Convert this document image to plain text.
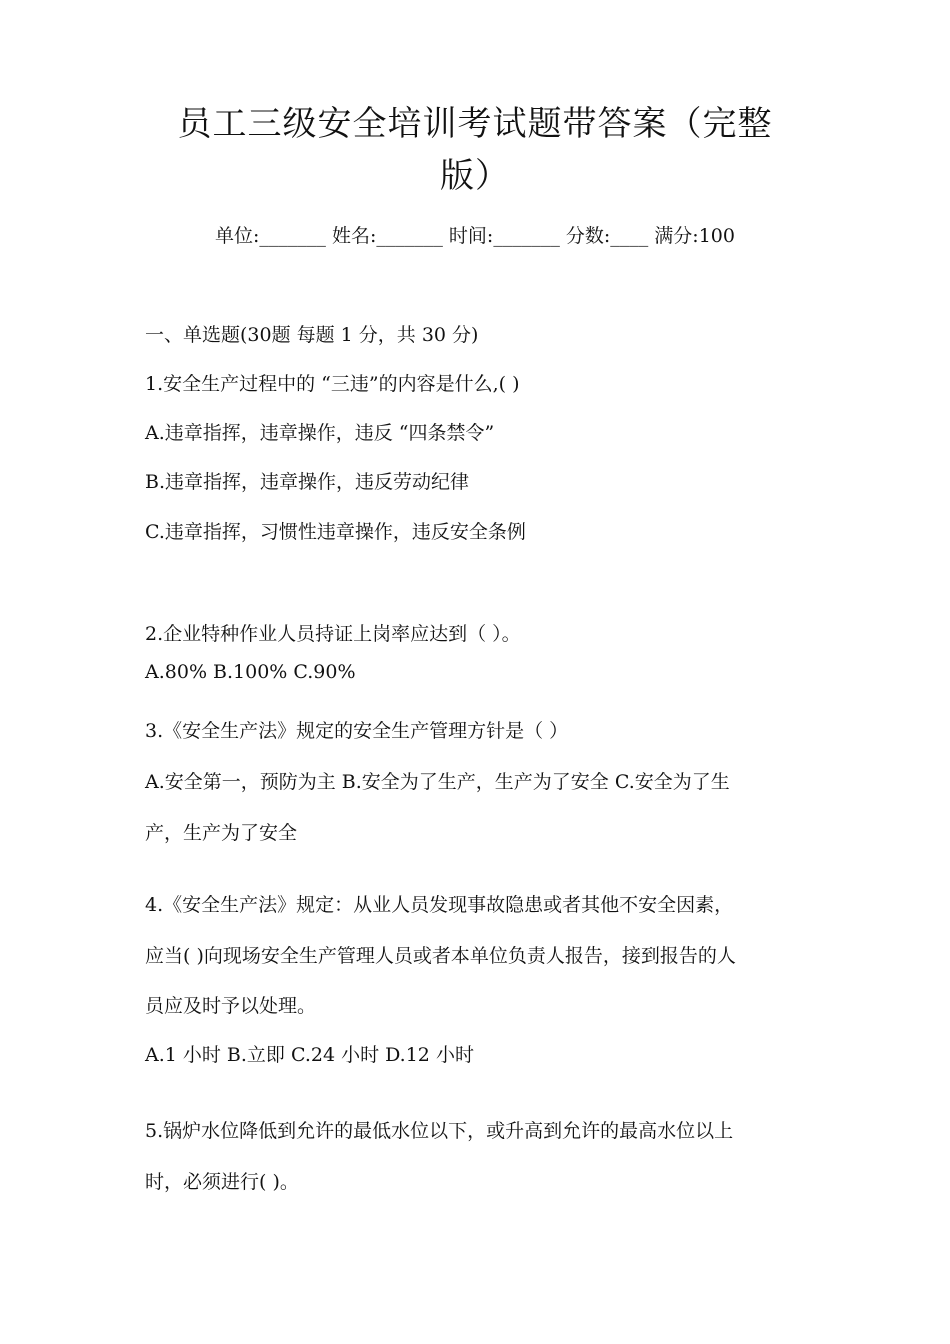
员工三级安全培训考试题带答案（完整
版）
单位:_______ 姓名:_______ 时间:_______ 分数:____ 满分:100
一、单选题(30题 每题 1 分，共 30 分)
1.安全生产过程中的 “三违”的内容是什么,( )
A.违章指挥，违章操作，违反 “四条禁令”
B.违章指挥，违章操作，违反劳动纪律
C.违章指挥，习惯性违章操作，违反安全条例
2.企业特种作业人员持证上岗率应达到（ ）。
A.80% B.100% C.90%
3.《安全生产法》规定的安全生产管理方针是（ ）
A.安全第一，预防为主 B.安全为了生产，生产为了安全 C.安全为了生
产，生产为了安全
4.《安全生产法》规定：从业人员发现事故隐患或者其他不安全因素，
应当( )向现场安全生产管理人员或者本单位负责人报告，接到报告的人
员应及时予以处理。
A.1 小时 B.立即 C.24 小时 D.12 小时
5.锅炉水位降低到允许的最低水位以下，或升高到允许的最高水位以上
时，必须进行( )。
